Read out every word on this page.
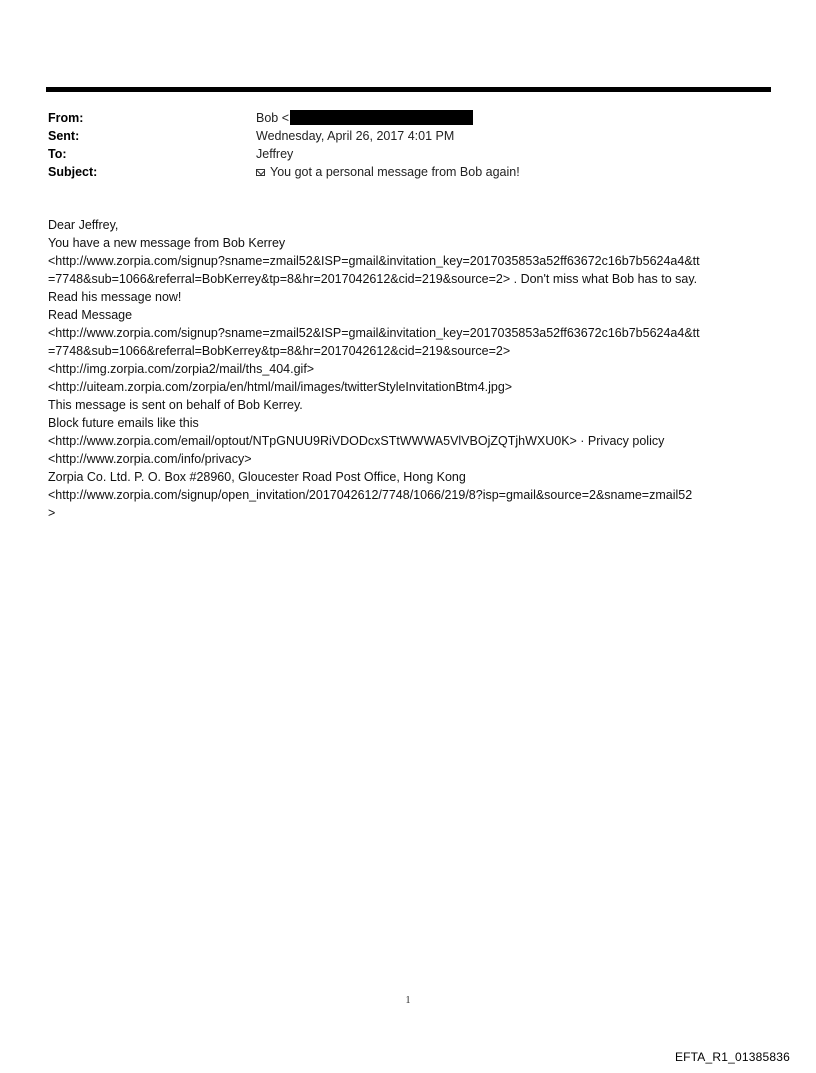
From:	Bob <
Sent:	Wednesday, April 26, 2017 4:01 PM
To:	Jeffrey
Subject:	You got a personal message from Bob again!
Dear Jeffrey,
You have a new message from Bob Kerrey
<http://www.zorpia.com/signup?sname=zmail52&ISP=gmail&invitation_key=2017035853a52ff63672c16b7b5624a4&tt
=7748&sub=1066&referral=BobKerrey&tp=8&hr=2017042612&cid=219&source=2> . Don't miss what Bob has to say.
Read his message now!
Read Message
<http://www.zorpia.com/signup?sname=zmail52&ISP=gmail&invitation_key=2017035853a52ff63672c16b7b5624a4&tt
=7748&sub=1066&referral=BobKerrey&tp=8&hr=2017042612&cid=219&source=2>
<http://img.zorpia.com/zorpia2/mail/ths_404.gif>
<http://uiteam.zorpia.com/zorpia/en/html/mail/images/twitterStyleInvitationBtm4.jpg>
This message is sent on behalf of Bob Kerrey.
Block future emails like this
<http://www.zorpia.com/email/optout/NTpGNUU9RiVDODcxSTtWWWA5VlVBOjZQTjhWXU0K> · Privacy policy
<http://www.zorpia.com/info/privacy>
Zorpia Co. Ltd. P. O. Box #28960, Gloucester Road Post Office, Hong Kong
<http://www.zorpia.com/signup/open_invitation/2017042612/7748/1066/219/8?isp=gmail&source=2&sname=zmail52
>
1
EFTA_R1_01385836
